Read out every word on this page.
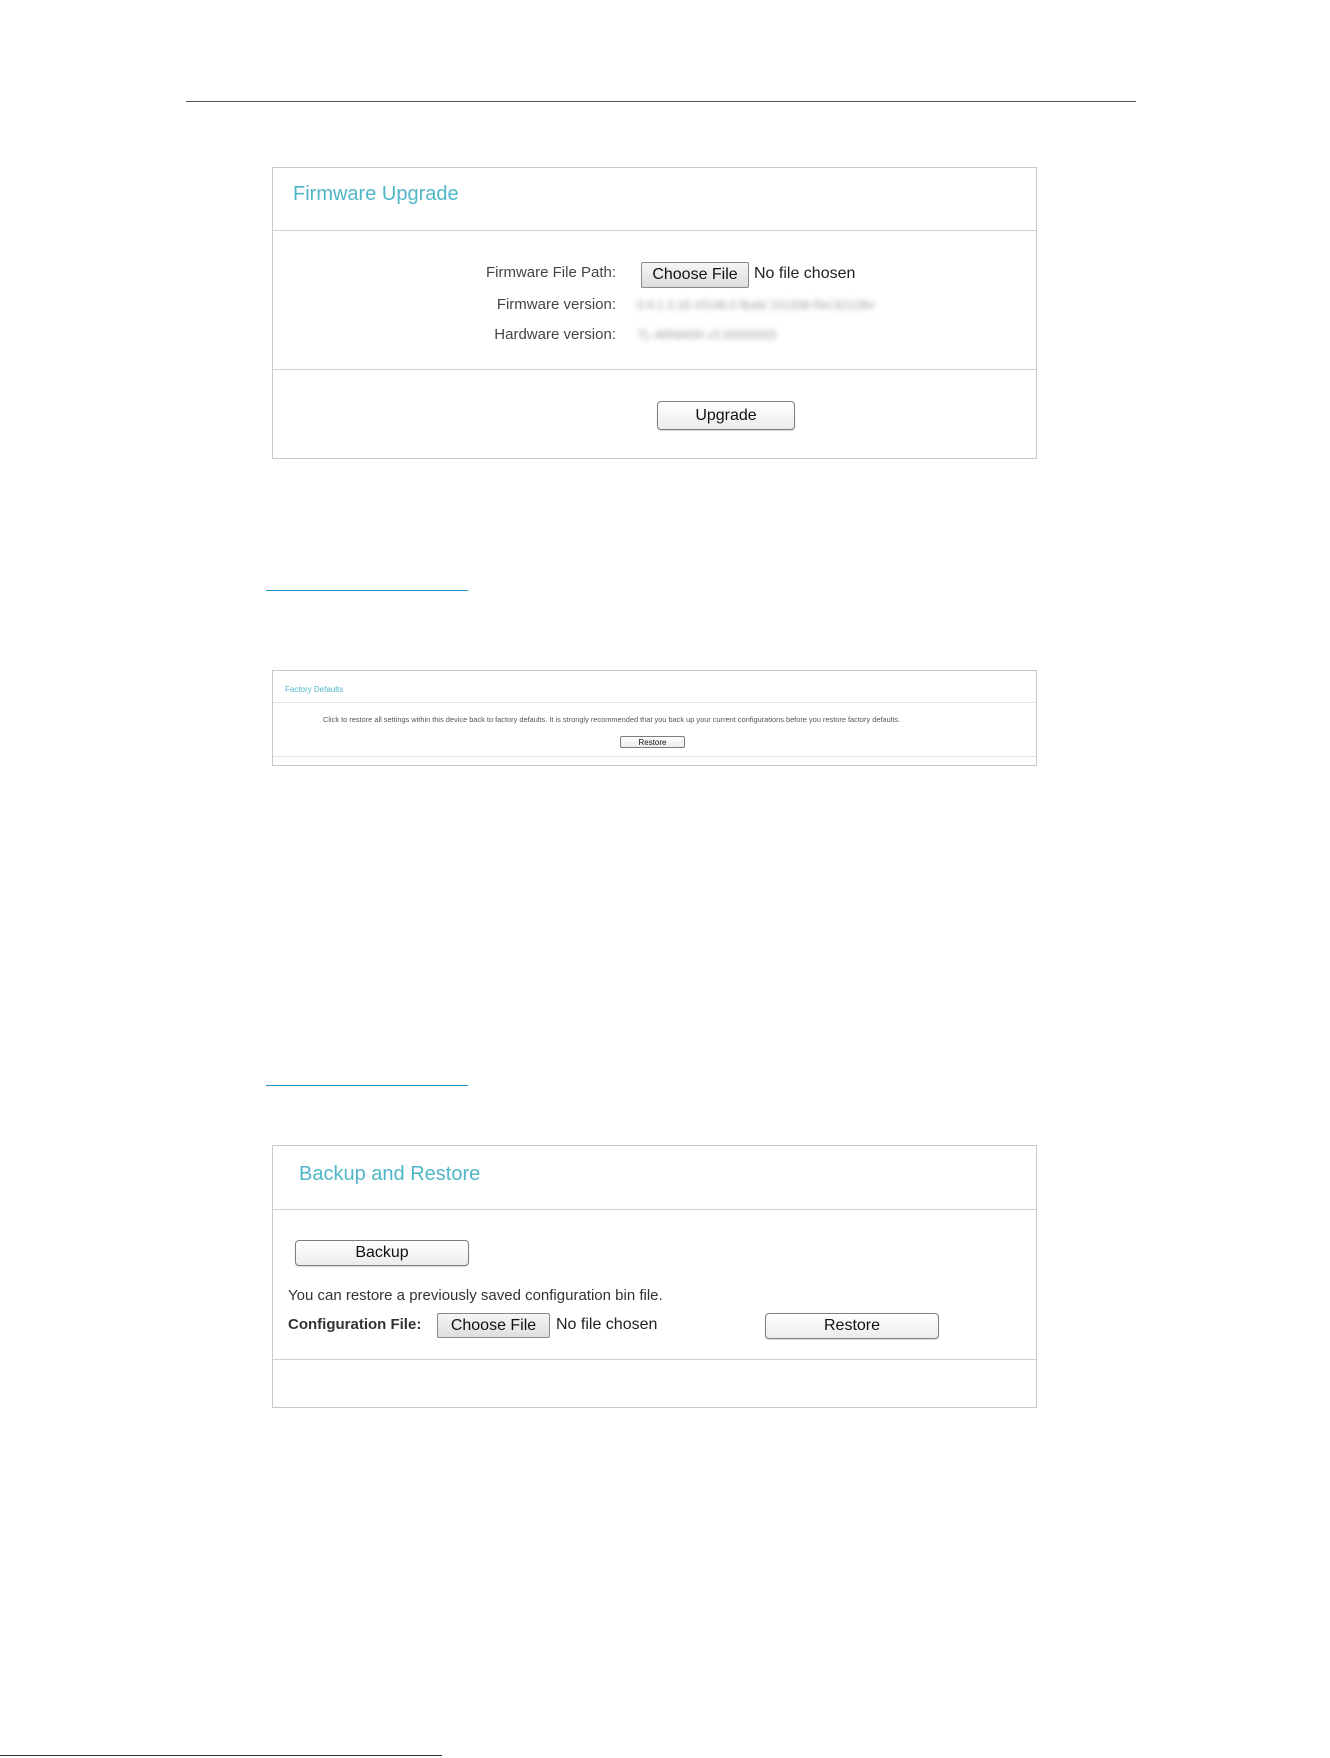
Firmware Upgrade
Firmware File Path:	Choose File	No file chosen
Firmware version: 0.9.1 3.16 v0148.0 Build 151208 Rel.62129n
Hardware version: TL-WR840N v3 00000003
Upgrade
Factory Defaults
Click to restore all settings within this device back to factory defaults. It is strongly recommended that you back up your current configurations before you restore factory defaults.
Restore
Backup and Restore
Backup
You can restore a previously saved configuration bin file.
Configuration File:	Choose File	No file chosen	Restore
